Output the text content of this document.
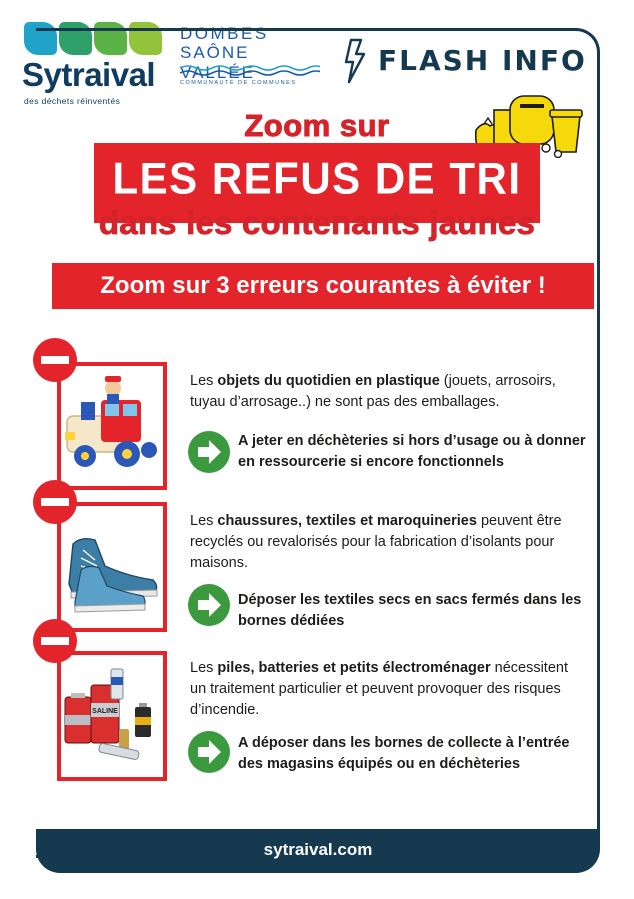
Sytraival
des déchets réinventés
DOMBES
SAÔNE VALLÉE
COMMUNAUTÉ DE COMMUNES
FLASH INFO
Zoom sur
LES REFUS DE TRI
dans les contenants jaunes
Zoom sur 3 erreurs courantes à éviter !
Les objets du quotidien en plastique (jouets, arrosoirs, tuyau d’arrosage..) ne sont pas des emballages.
A jeter en déchèteries si hors d’usage ou à donner en ressourcerie si encore fonctionnels
Les chaussures, textiles et maroquineries peuvent être recyclés ou revalorisés pour la fabrication d’isolants pour maisons.
Déposer les textiles secs en sacs fermés dans les bornes dédiées
SALINE
Les piles, batteries et petits électroménager nécessitent un traitement particulier et peuvent provoquer des risques d’incendie.
A déposer dans les bornes de collecte à l’entrée des magasins équipés ou en déchèteries
sytraival.com
